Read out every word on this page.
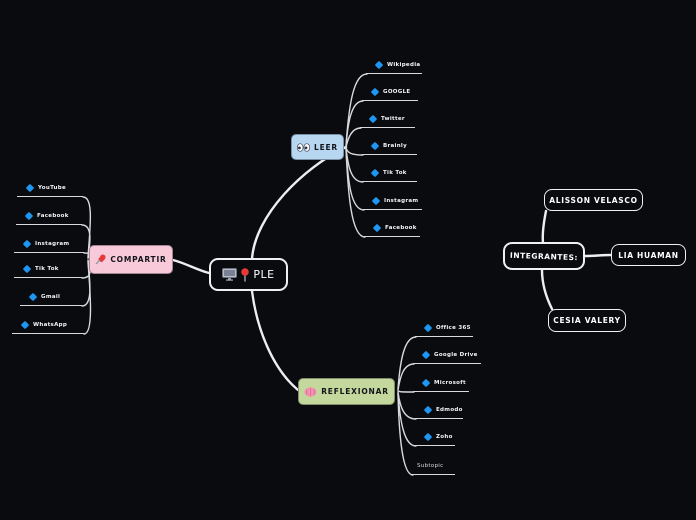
PLE
LEER
COMPARTIR
REFLEXIONAR
Wikipedia
GOOGLE
Twitter
Brainly
Tik Tok
Instagram
Facebook
YouTube
Facebook
Instagram
Tik Tok
Gmail
WhatsApp	Office 365
Google Drive
Microsoft
Edmodo
Zoho
Subtopic
INTEGRANTES:
ALISSON VELASCO
LIA HUAMAN
CESIA VALERY
